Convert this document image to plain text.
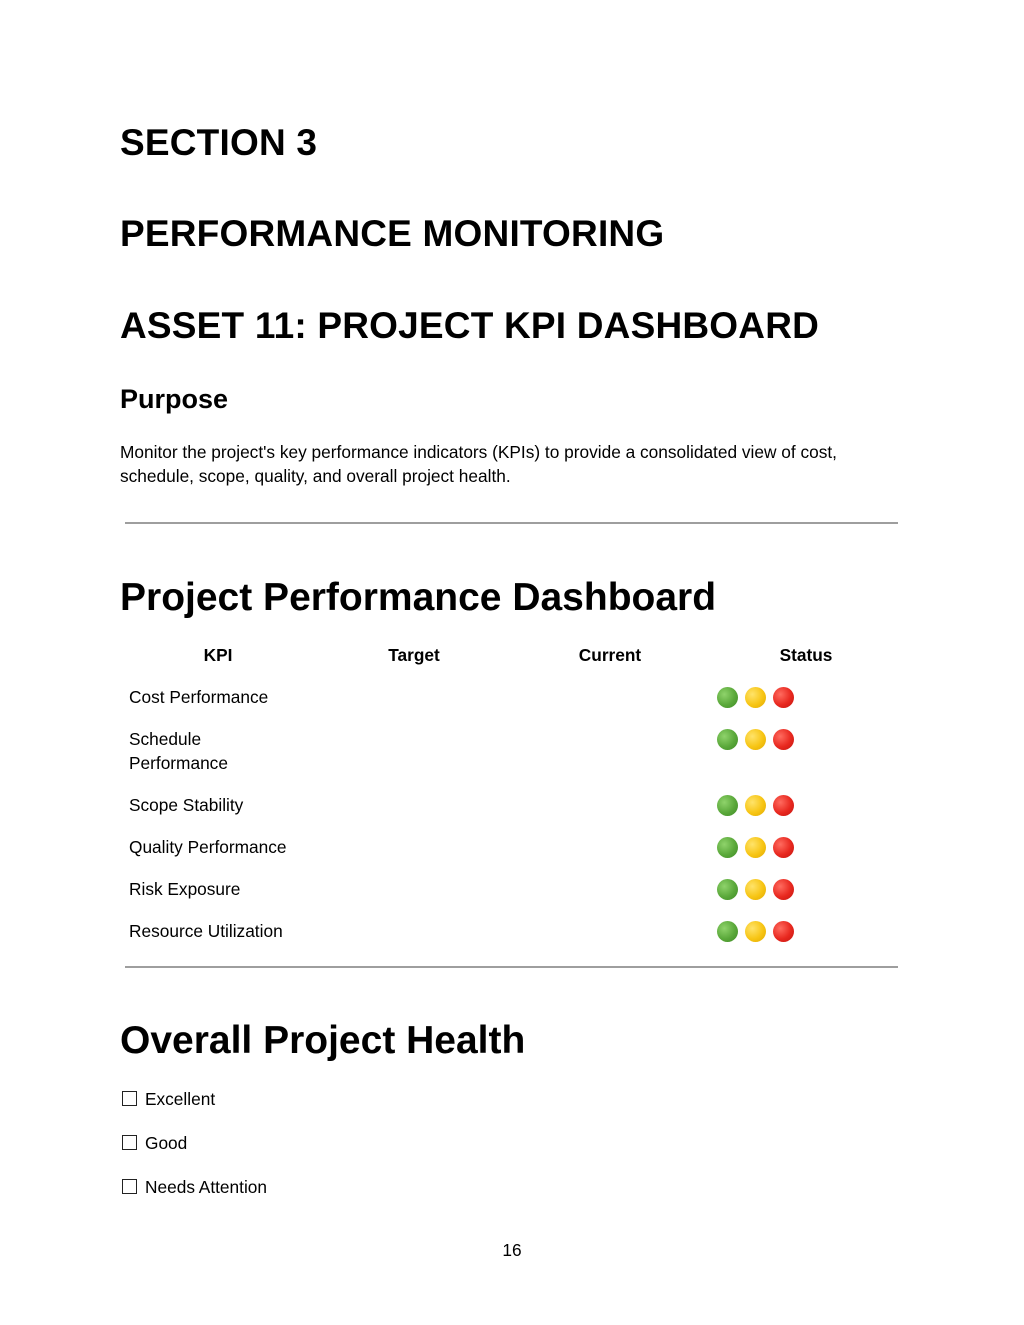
SECTION 3
PERFORMANCE MONITORING
ASSET 11: PROJECT KPI DASHBOARD
Purpose

Monitor the project's key performance indicators (KPIs) to provide a consolidated view of cost, schedule, scope, quality, and overall project health.

Project Performance Dashboard
KPI	Target	Current	Status
Cost Performance
Schedule Performance
Scope Stability
Quality Performance
Risk Exposure
Resource Utilization
Overall Project Health
Excellent
Good
Needs Attention
16
